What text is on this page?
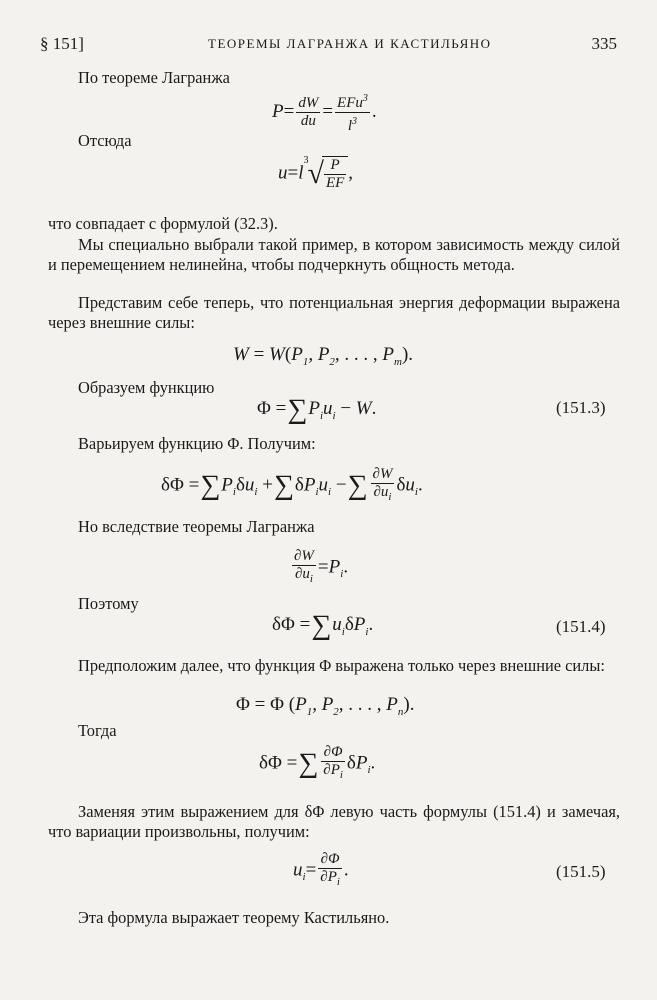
§ 151]	ТЕОРЕМЫ ЛАГРАНЖА И КАСТИЛЬЯНО	335
По теореме Лагранжа
$P= \frac{dW}{du} = \frac{EFu^3}{l^3}$ .
Отсюда
u=l
3 √ $\frac{P}{EF}$ ,
что совпадает с формулой (32.3).
Мы специально выбрали такой пример, в котором зависимость между силой и перемещением нелинейна, чтобы подчеркнуть общность метода.
Представим себе теперь, что потенциальная энергия деформации выражена через внешние силы:
$W = W(P_1$, $P_2$, . . . , $P_m$).
Образуем функцию
$\Phi =\sum P_iu_i - W$.	(151.3)
Варьируем функцию Φ. Получим:
$\delta\Phi =\sum P_i\delta u_i +\sum\delta P_iu_i$ −∑ $\frac{\partial W}{\partial u_i} \delta u_i$.
Но вследствие теоремы Лагранжа
$\frac{\partial W}{\partial u_i} =P_i$.
Поэтому
$\delta\Phi =\sum u_i\delta P_i$.	(151.4)
Предположим далее, что функция Φ выражена только через внешние силы:
Φ = Φ ($P_1$, $P_2$, . . . , $P_n$).
Тогда
δΦ =∑ $\frac{\partial\Phi}{\partial P_i} \delta P_i$.
Заменяя этим выражением для δΦ левую часть формулы (151.4) и замечая, что вариации произвольны, получим:
$u_i= \frac{\partial\Phi}{\partial P_i}$ .	(151.5)
Эта формула выражает теорему Кастильяно.
